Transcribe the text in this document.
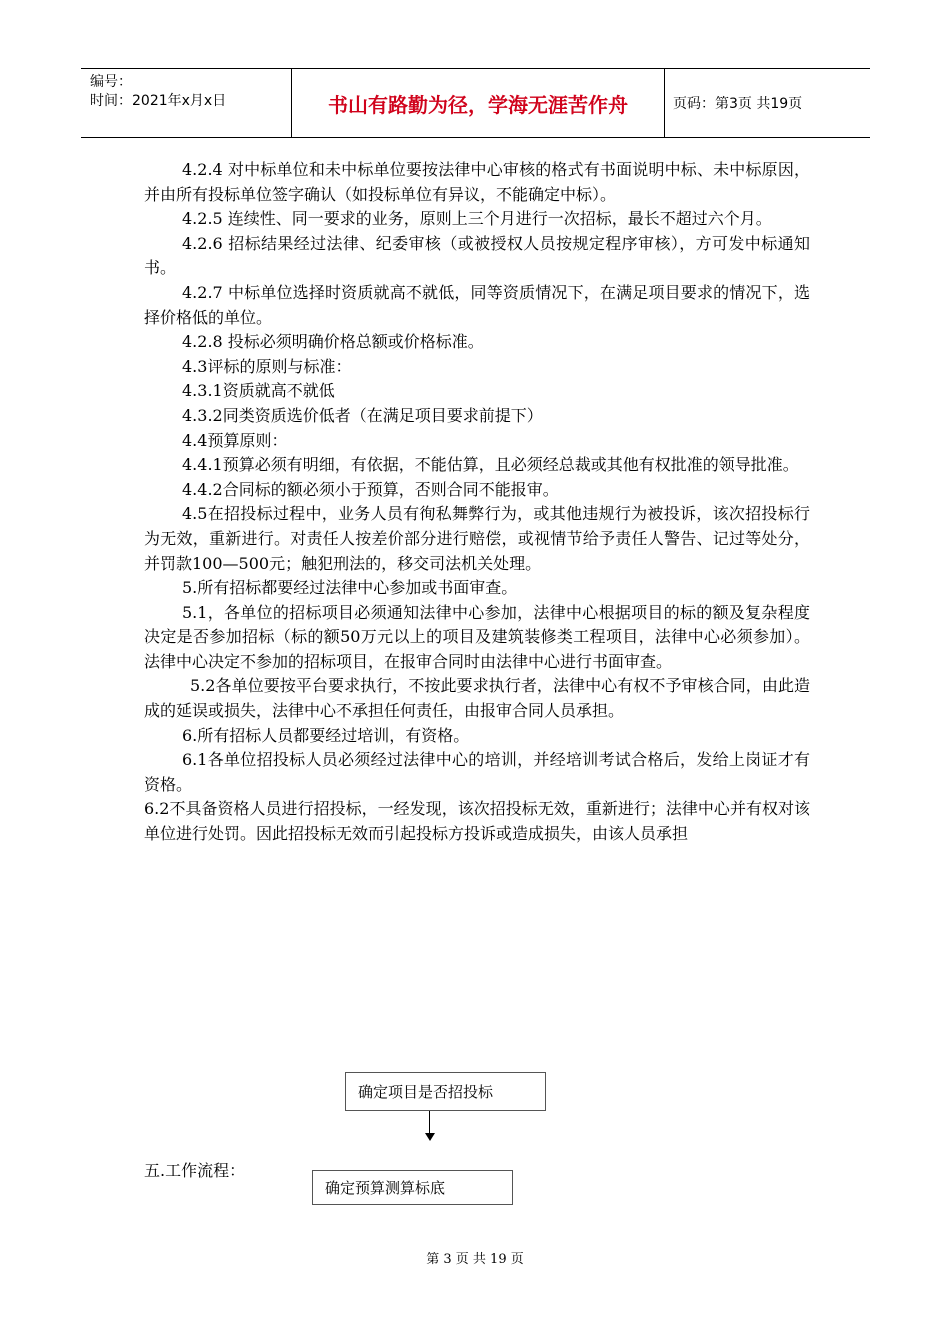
编号：
时间：2021年x月x日	书山有路勤为径，学海无涯苦作舟	页码：第3页 共19页

4.2.4 对中标单位和未中标单位要按法律中心审核的格式有书面说明中标、未中标原因，并由所有投标单位签字确认（如投标单位有异议，不能确定中标）。

4.2.5 连续性、同一要求的业务，原则上三个月进行一次招标，最长不超过六个月。

4.2.6 招标结果经过法律、纪委审核（或被授权人员按规定程序审核），方可发中标通知书。

4.2.7 中标单位选择时资质就高不就低，同等资质情况下，在满足项目要求的情况下，选择价格低的单位。

4.2.8 投标必须明确价格总额或价格标准。

4.3评标的原则与标准：

4.3.1资质就高不就低

4.3.2同类资质选价低者（在满足项目要求前提下）

4.4预算原则：

4.4.1预算必须有明细，有依据，不能估算，且必须经总裁或其他有权批准的领导批准。

4.4.2合同标的额必须小于预算，否则合同不能报审。

4.5在招投标过程中，业务人员有徇私舞弊行为，或其他违规行为被投诉，该次招投标行为无效，重新进行。对责任人按差价部分进行赔偿，或视情节给予责任人警告、记过等处分，并罚款100—500元；触犯刑法的，移交司法机关处理。

5.所有招标都要经过法律中心参加或书面审查。

5.1，各单位的招标项目必须通知法律中心参加，法律中心根据项目的标的额及复杂程度决定是否参加招标（标的额50万元以上的项目及建筑装修类工程项目，法律中心必须参加）。法律中心决定不参加的招标项目，在报审合同时由法律中心进行书面审查。

5.2各单位要按平台要求执行，不按此要求执行者，法律中心有权不予审核合同，由此造成的延误或损失，法律中心不承担任何责任，由报审合同人员承担。

6.所有招标人员都要经过培训，有资格。

6.1各单位招投标人员必须经过法律中心的培训，并经培训考试合格后，发给上岗证才有资格。

6.2不具备资格人员进行招投标，一经发现，该次招投标无效，重新进行；法律中心并有权对该单位进行处罚。因此招投标无效而引起投标方投诉或造成损失，由该人员承担

确定项目是否招投标
五.工作流程：
确定预算测算标底
第 3 页 共 19 页
